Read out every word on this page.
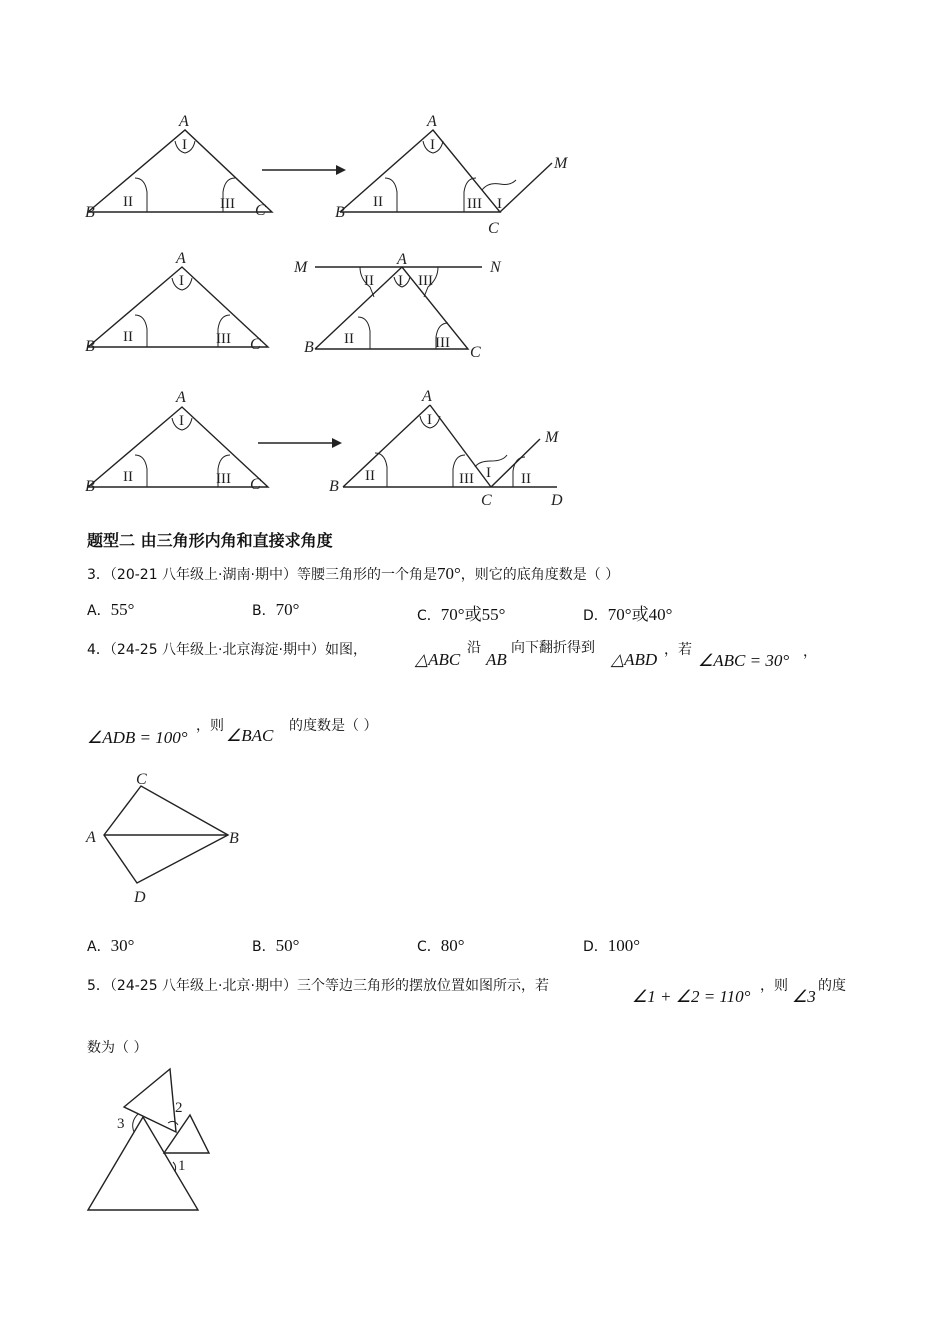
A
B	C
I
II	III
A
B
C
M
I
II	III I
A
B	C
I
II	III
M	A	N
B	C
I
II	III
II	III
A
B	C
I
II	III
A
B
C	D
M
I
II	III I II
题型二 由三角形内角和直接求角度
3．（20-21 八年级上·湖南·期中）等腰三角形的一个角是70°，则它的底角度数是（ ）
A．55°	B．70°	C．70°或55°	D．70°或40°
4．（24-25 八年级上·北京海淀·期中）如图，	△ABC
沿
AB
向下翻折得到
△ABD ，若
∠ABC = 30° ，
∠ADB = 100°
，则 ∠BAC 的度数是（ ）
C
A	B
D
A．30°	B．50°	C．80°	D．100°
5．（24-25 八年级上·北京·期中）三个等边三角形的摆放位置如图所示，若
∠1 + ∠2 = 110°
，则
∠3
的度
数为（ ）
3
2
1
